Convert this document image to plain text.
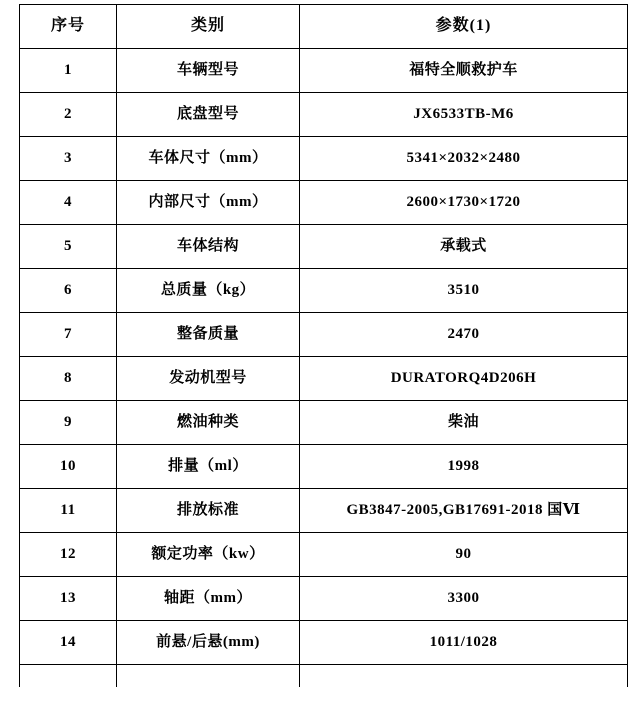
序号	类别	参数(1)
1	车辆型号	福特全顺救护车
2	底盘型号	JX6533TB-M6
3	车体尺寸（mm）	5341×2032×2480
4	内部尺寸（mm）	2600×1730×1720
5	车体结构	承载式
6	总质量（kg）	3510
7	整备质量	2470
8	发动机型号	DURATORQ4D206H
9	燃油种类	柴油
10	排量（ml）	1998
11	排放标准	GB3847-2005,GB17691-2018 国Ⅵ
12	额定功率（kw）	90
13	轴距（mm）	3300
14	前悬/后悬(mm)	1011/1028
